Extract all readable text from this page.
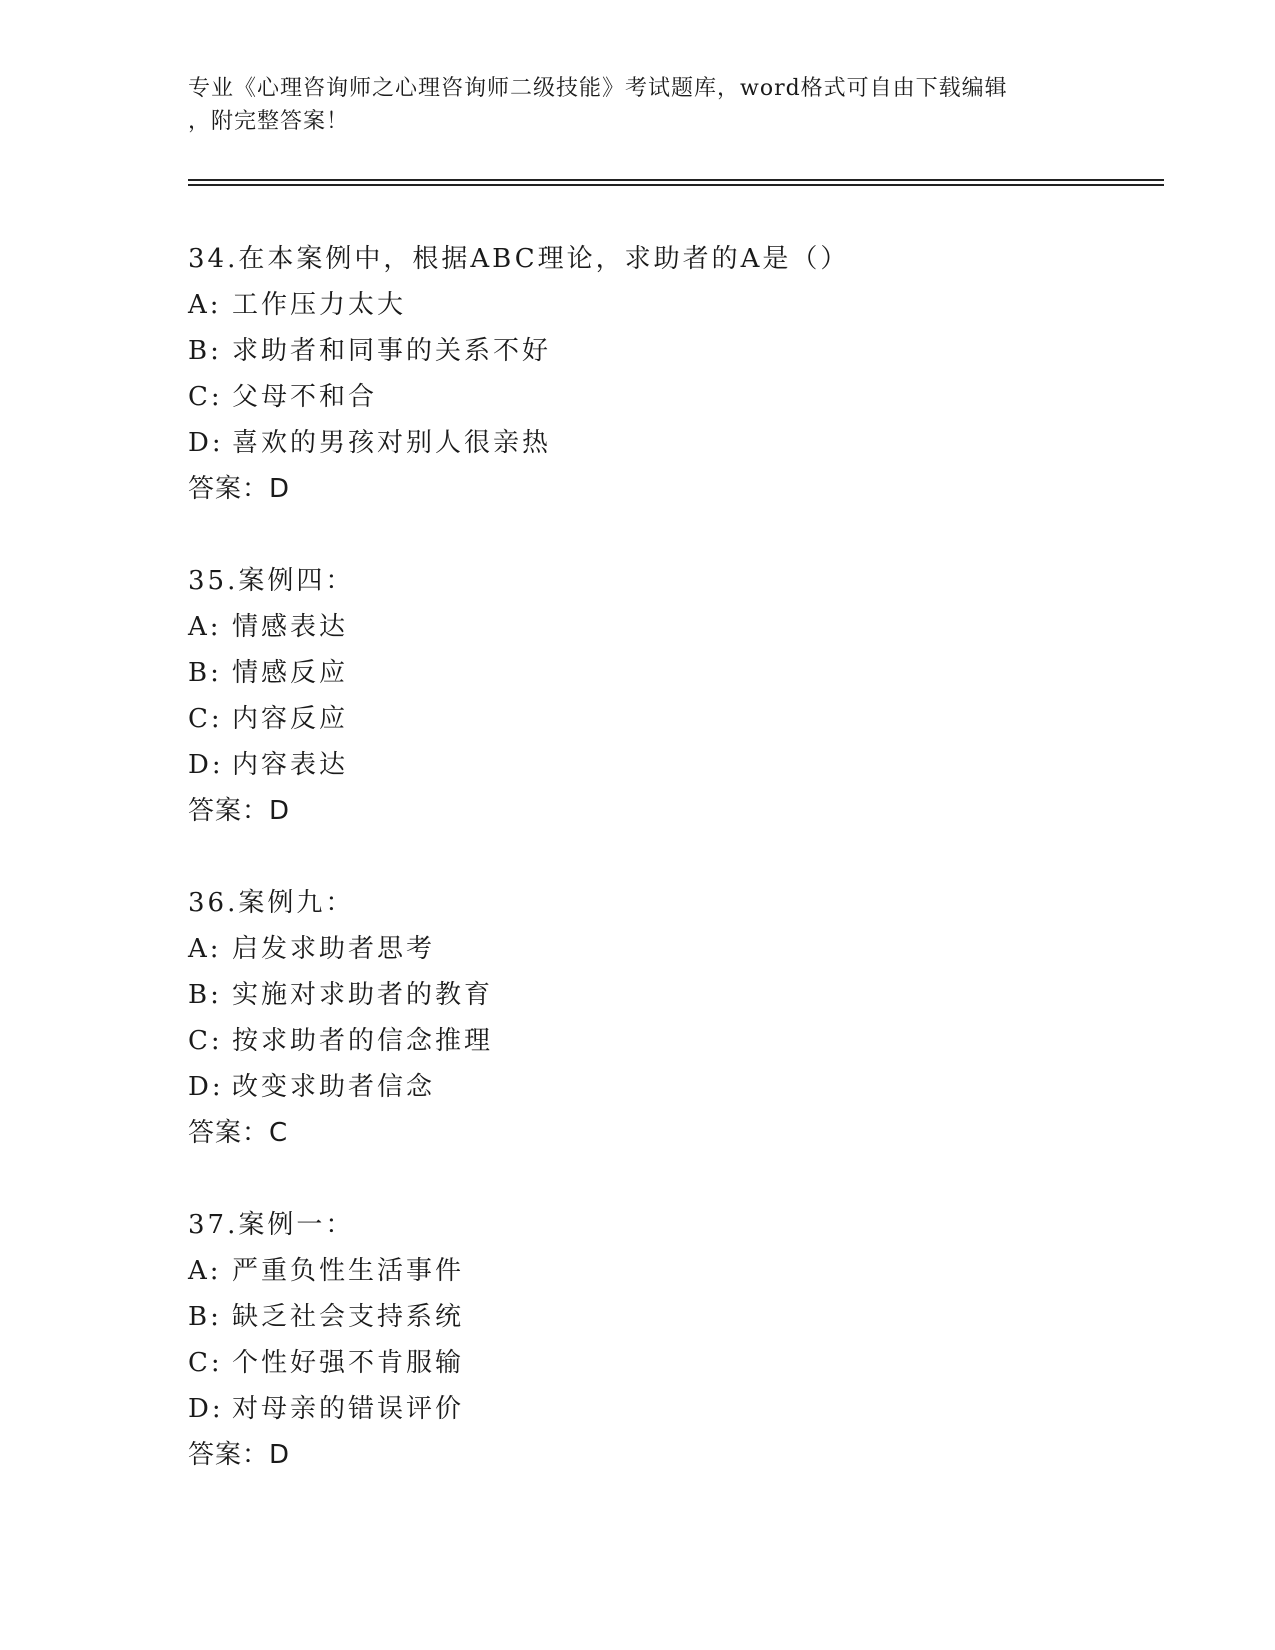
专业《心理咨询师之心理咨询师二级技能》考试题库，word格式可自由下载编辑
，附完整答案！
34.在本案例中，根据ABC理论，求助者的A是（）
A: 工作压力太大
B: 求助者和同事的关系不好
C: 父母不和合
D: 喜欢的男孩对别人很亲热
答案：D
35.案例四：
A: 情感表达
B: 情感反应
C: 内容反应
D: 内容表达
答案：D
36.案例九：
A: 启发求助者思考
B: 实施对求助者的教育
C: 按求助者的信念推理
D: 改变求助者信念
答案：C
37.案例一：
A: 严重负性生活事件
B: 缺乏社会支持系统
C: 个性好强不肯服输
D: 对母亲的错误评价
答案：D
